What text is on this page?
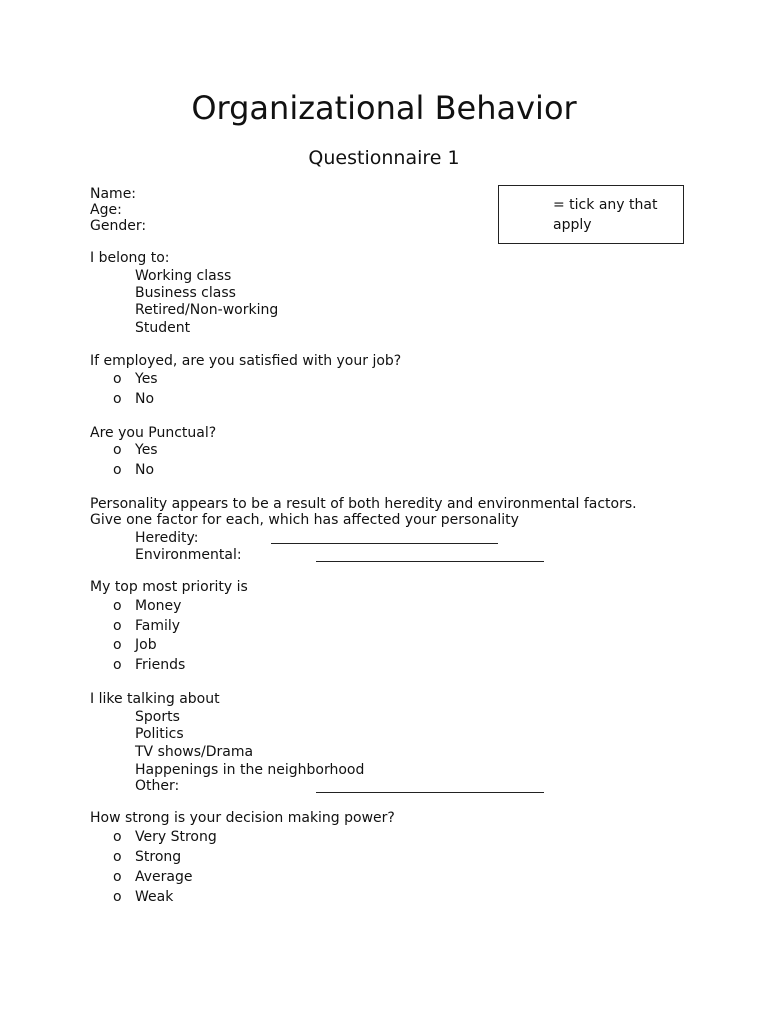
Organizational Behavior
Questionnaire 1
Name:
Age:
Gender:
= tick any that apply
I belong to:
Working class
Business class
Retired/Non-working
Student
If employed, are you satisfied with your job?
o Yes
o No
Are you Punctual?
o Yes
o No
Personality appears to be a result of both heredity and environmental factors.
Give one factor for each, which has affected your personality
Heredity:
Environmental:
My top most priority is
o Money
o Family
o Job
o Friends
I like talking about
Sports
Politics
TV shows/Drama
Happenings in the neighborhood
Other:
How strong is your decision making power?
o Very Strong
o Strong
o Average
o Weak
